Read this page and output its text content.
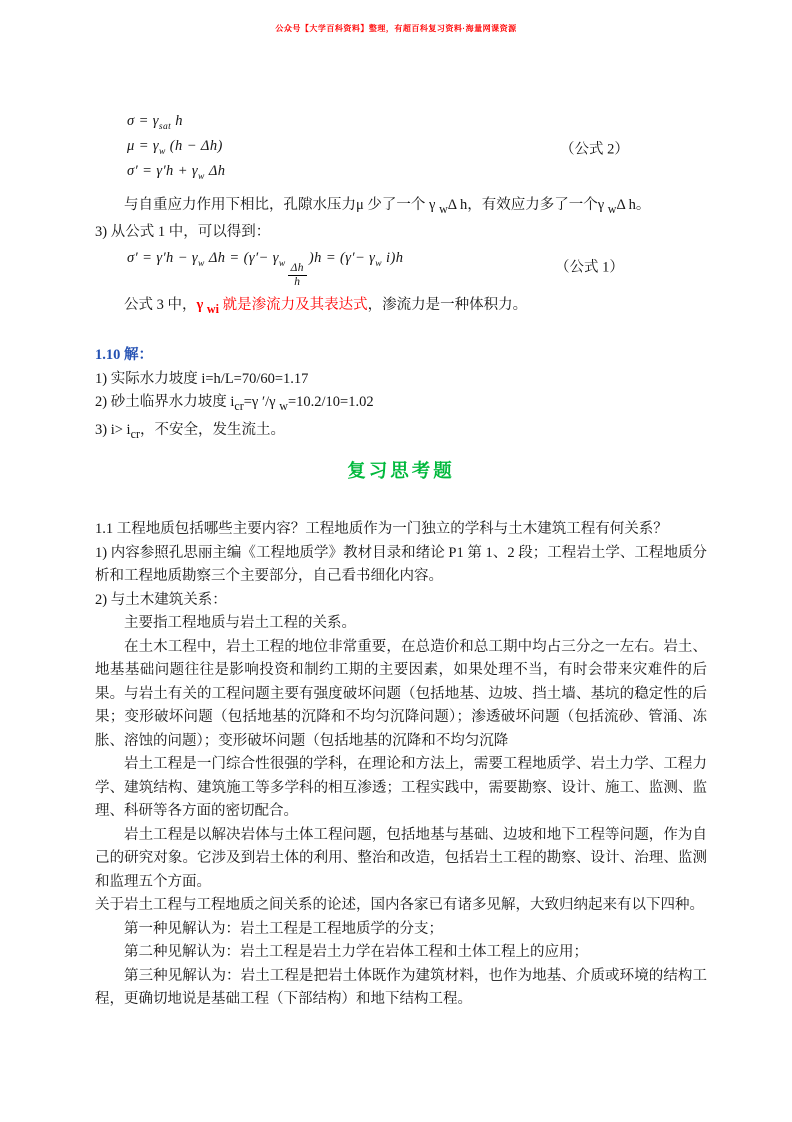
公众号【大学百科资料】整理，有超百科复习资料·海量网课资源
$\sigma = \gamma_{sat}$ h
$\mu = \gamma_w$ (h − Δh)	（公式 2）
$\sigma' = \gamma'h + \gamma_w$ Δh

与自重应力作用下相比，孔隙水压力μ 少了一个 γ $_w$Δ h，有效应力多了一个γ $_w$Δ h。

3) 从公式 1 中，可以得到：

$\sigma' = \gamma'h - \gamma_w$ $\Delta h = (\gamma'- \gamma_w \frac{\Delta h}{h}$
)$h = (\gamma'- \gamma_w$ i)h
（公式 1）

公式 3 中，γ $_{wi}$ 就是渗流力及其表达式，渗流力是一种体积力。

1.10 解：

1) 实际水力坡度 i=h/L=70/60=1.17

2) 砂土临界水力坡度 $i_{cr}=\gamma$ ′/γ $_w$=10.2/10=1.02

3) $i> i_{cr}$，不安全，发生流土。

复习思考题

1.1 工程地质包括哪些主要内容？工程地质作为一门独立的学科与土木建筑工程有何关系？

1) 内容参照孔思丽主编《工程地质学》教材目录和绪论 P1 第 1、2 段；工程岩土学、工程地质分析和工程地质勘察三个主要部分，自己看书细化内容。

2) 与土木建筑关系：

主要指工程地质与岩土工程的关系。

在土木工程中，岩土工程的地位非常重要，在总造价和总工期中均占三分之一左右。岩土、地基基础问题往往是影响投资和制约工期的主要因素，如果处理不当，有时会带来灾难件的后果。与岩土有关的工程问题主要有强度破坏问题（包括地基、边坡、挡土墙、基坑的稳定性的后果；变形破坏问题（包括地基的沉降和不均匀沉降问题）；渗透破坏问题（包括流砂、管涌、冻胀、溶蚀的问题）；变形破坏问题（包括地基的沉降和不均匀沉降

岩土工程是一门综合性很强的学科，在理论和方法上，需要工程地质学、岩土力学、工程力学、建筑结构、建筑施工等多学科的相互渗透；工程实践中，需要勘察、设计、施工、监测、监理、科研等各方面的密切配合。

岩土工程是以解决岩体与土体工程问题，包括地基与基础、边坡和地下工程等问题，作为自己的研究对象。它涉及到岩土体的利用、整治和改造，包括岩土工程的勘察、设计、治理、监测和监理五个方面。

关于岩土工程与工程地质之间关系的论述，国内各家已有诸多见解，大致归纳起来有以下四种。

第一种见解认为：岩土工程是工程地质学的分支；

第二种见解认为：岩土工程是岩土力学在岩体工程和土体工程上的应用；

第三种见解认为：岩土工程是把岩土体既作为建筑材料，也作为地基、介质或环境的结构工程，更确切地说是基础工程（下部结构）和地下结构工程。
